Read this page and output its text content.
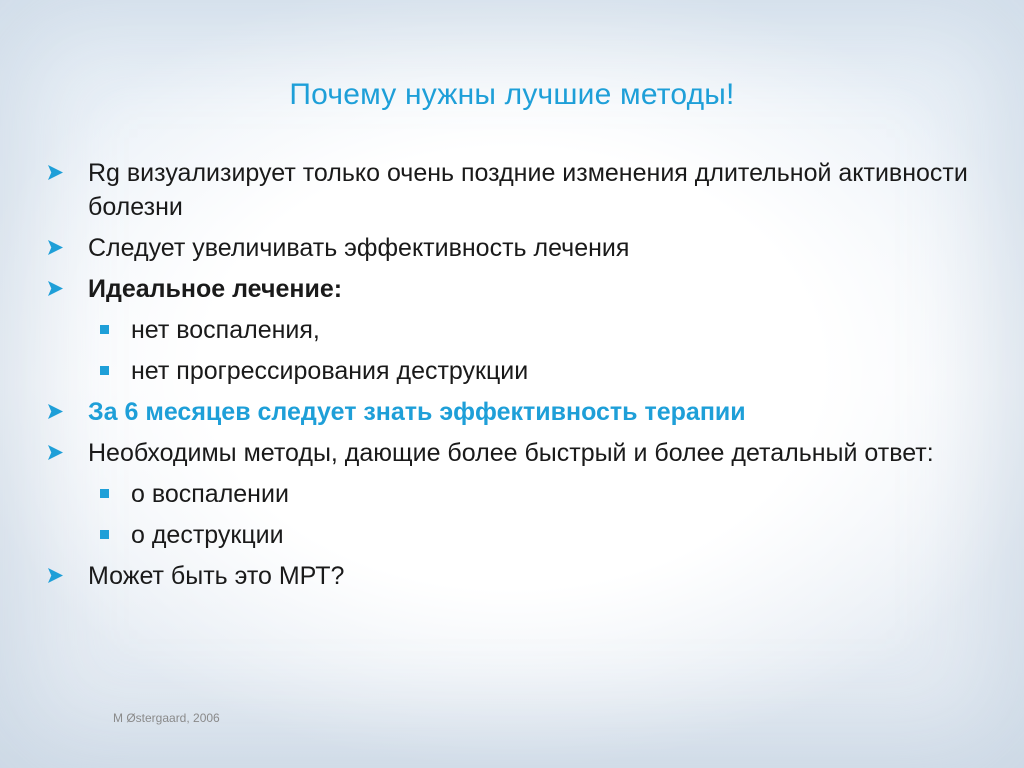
Почему нужны лучшие методы!
Rg визуализирует только очень поздние изменения длительной активности болезни
Следует увеличивать эффективность лечения
Идеальное лечение:
нет воспаления,
нет прогрессирования деструкции
За 6 месяцев следует знать эффективность терапии
Необходимы методы, дающие более быстрый и более детальный ответ:
о воспалении
о деструкции
Может быть это МРТ?
M Østergaard, 2006
